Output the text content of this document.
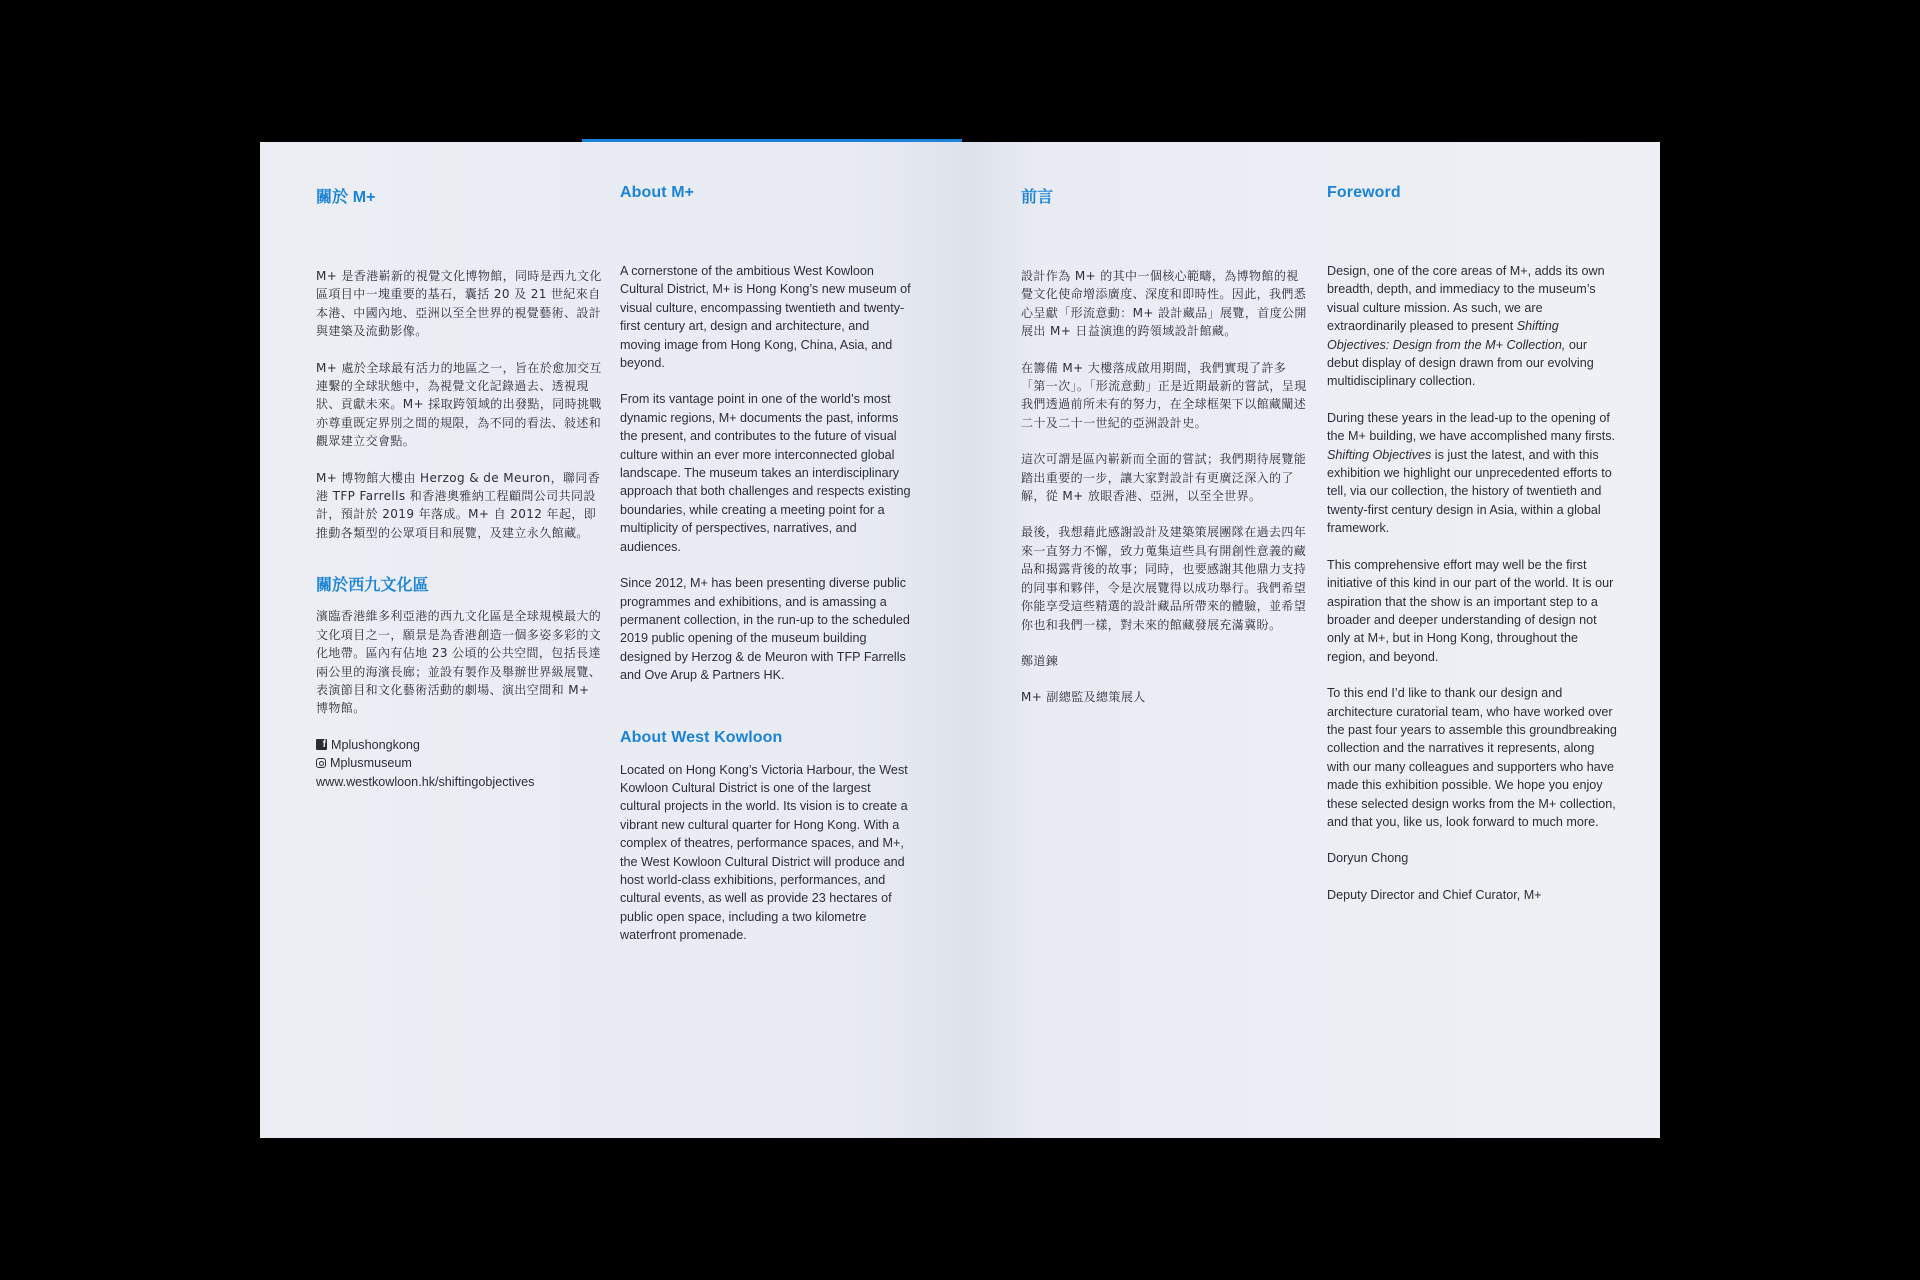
關於 M+

M+ 是香港嶄新的視覺文化博物館，同時是西九文化區項目中一塊重要的基石，囊括 20 及 21 世紀來自本港、中國內地、亞洲以至全世界的視覺藝術、設計與建築及流動影像。

M+ 處於全球最有活力的地區之一，旨在於愈加交互連繫的全球狀態中，為視覺文化記錄過去、透視現狀、貢獻未來。M+ 採取跨領域的出發點，同時挑戰亦尊重既定界別之間的規限，為不同的看法、敍述和觀眾建立交會點。

M+ 博物館大樓由 Herzog & de Meuron，聯同香港 TFP Farrells 和香港奧雅納工程顧問公司共同設計，預計於 2019 年落成。M+ 自 2012 年起，即推動各類型的公眾項目和展覽，及建立永久館藏。

關於西九文化區

濱臨香港維多利亞港的西九文化區是全球規模最大的文化項目之一，願景是為香港創造一個多姿多彩的文化地帶。區內有佔地 23 公頃的公共空間，包括長達兩公里的海濱長廊；並設有製作及舉辦世界級展覽、表演節目和文化藝術活動的劇場、演出空間和 M+ 博物館。

f Mplushongkong
Mplusmuseum
www.westkowloon.hk/shiftingobjectives
About M+

A cornerstone of the ambitious West Kowloon Cultural District, M+ is Hong Kong’s new museum of visual culture, encompassing twentieth and twenty-first century art, design and architecture, and moving image from Hong Kong, China, Asia, and beyond.

From its vantage point in one of the world’s most dynamic regions, M+ documents the past, informs the present, and contributes to the future of visual culture within an ever more interconnected global landscape. The museum takes an interdisciplinary approach that both challenges and respects existing boundaries, while creating a meeting point for a multiplicity of perspectives, narratives, and audiences.

Since 2012, M+ has been presenting diverse public programmes and exhibitions, and is amassing a permanent collection, in the run-up to the scheduled 2019 public opening of the museum building designed by Herzog & de Meuron with TFP Farrells and Ove Arup & Partners HK.

About West Kowloon

Located on Hong Kong’s Victoria Harbour, the West Kowloon Cultural District is one of the largest cultural projects in the world. Its vision is to create a vibrant new cultural quarter for Hong Kong. With a complex of theatres, performance spaces, and M+, the West Kowloon Cultural District will produce and host world-class exhibitions, performances, and cultural events, as well as provide 23 hectares of public open space, including a two kilometre waterfront promenade.

前言

設計作為 M+ 的其中一個核心範疇，為博物館的視覺文化使命增添廣度、深度和即時性。因此，我們悉心呈獻「形流意動：M+ 設計藏品」展覽，首度公開展出 M+ 日益演進的跨領域設計館藏。

在籌備 M+ 大樓落成啟用期間，我們實現了許多「第一次」。「形流意動」正是近期最新的嘗試，呈現我們透過前所未有的努力，在全球框架下以館藏闡述二十及二十一世紀的亞洲設計史。

這次可謂是區內嶄新而全面的嘗試；我們期待展覽能踏出重要的一步，讓大家對設計有更廣泛深入的了解，從 M+ 放眼香港、亞洲，以至全世界。

最後，我想藉此感謝設計及建築策展團隊在過去四年來一直努力不懈，致力蒐集這些具有開創性意義的藏品和揭露背後的故事；同時，也要感謝其他鼎力支持的同事和夥伴，令是次展覽得以成功舉行。我們希望你能享受這些精選的設計藏品所帶來的體驗，並希望你也和我們一樣，對未來的館藏發展充滿冀盼。

鄭道鍊

M+ 副總監及總策展人

Foreword

Design, one of the core areas of M+, adds its own breadth, depth, and immediacy to the museum’s visual culture mission. As such, we are extraordinarily pleased to present Shifting Objectives: Design from the M+ Collection, our debut display of design drawn from our evolving multidisciplinary collection.

During these years in the lead-up to the opening of the M+ building, we have accomplished many firsts. Shifting Objectives is just the latest, and with this exhibition we highlight our unprecedented efforts to tell, via our collection, the history of twentieth and twenty-first century design in Asia, within a global framework.

This comprehensive effort may well be the first initiative of this kind in our part of the world. It is our aspiration that the show is an important step to a broader and deeper understanding of design not only at M+, but in Hong Kong, throughout the region, and beyond.

To this end I’d like to thank our design and architecture curatorial team, who have worked over the past four years to assemble this groundbreaking collection and the narratives it represents, along with our many colleagues and supporters who have made this exhibition possible. We hope you enjoy these selected design works from the M+ collection, and that you, like us, look forward to much more.

Doryun Chong

Deputy Director and Chief Curator, M+
